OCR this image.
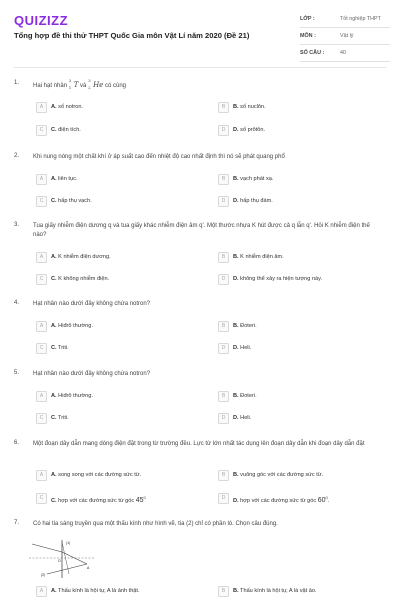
QUIZIZZ
Tổng hợp đề thi thử THPT Quốc Gia môn Vật Lí năm 2020 (Đề 21)
LỚP :	Tốt nghiệp THPT
MÔN :	Vật lý
SỐ CÂU :	40
1. Hai hạt nhân
3
1 T và
3
2 He có cùng
A	A. số notron.	B	B. số nuclôn.
C	C. điện tích.	D	D. số prôtôn.
2. Khi nung nóng một chất khí ở áp suất cao đến nhiệt độ cao nhất định thì nó sẽ phát quang phổ
A	A. liên tục.	B	B. vạch phát xạ.
C	C. hấp thụ vạch.	D	D. hấp thụ đám.
3. Tua giấy nhiễm điện dương q và tua giấy khác nhiễm điện âm q'. Một thước nhựa K hút được cả q lẫn q'. Hỏi K nhiễm điện thế nào?
A	A. K nhiễm điện dương.	B	B. K nhiễm điện âm.
C	C. K không nhiễm điện.	D	D. không thể xảy ra hiện tượng này.
4. Hạt nhân nào dưới đây không chứa notron?
A	A. Hiđrô thường.	B	B. Đoteri.
C	C. Triti.	D	D. Heli.
5. Hạt nhân nào dưới đây không chứa notron?
A	A. Hiđrô thường.	B	B. Đoteri.
C	C. Triti.	D	D. Heli.
6. Một đoạn dây dẫn mang dòng điện đặt trong từ trường đều. Lực từ lớn nhất tác dụng lên đoạn dây dẫn khi đoạn dây dẫn đặt
A	A. song song với các đường sức từ.	B	B. vuông góc với các đường sức từ.
C	C. hợp với các đường sức từ góc $45^0$	D	D. hợp với các đường sức từ góc $60^0$.
7. Có hai tia sáng truyền qua một thấu kính như hình vẽ, tia (2) chỉ có phần ló. Chọn câu đúng.
(1)
(2)
O
A
A	A. Thấu kính là hội tụ; A là ảnh thật.	B	B. Thấu kính là hội tụ; A là vật ảo.
